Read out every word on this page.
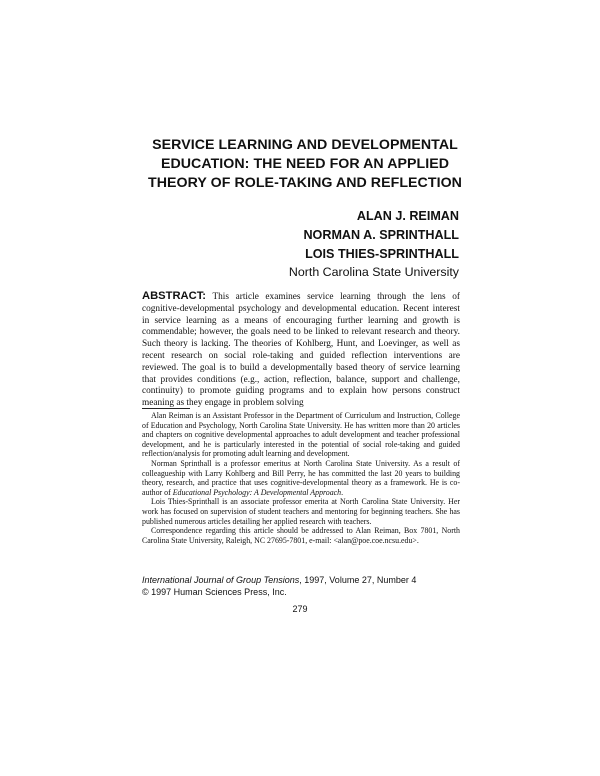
SERVICE LEARNING AND DEVELOPMENTAL
EDUCATION: THE NEED FOR AN APPLIED
THEORY OF ROLE-TAKING AND REFLECTION
ALAN J. REIMAN
NORMAN A. SPRINTHALL
LOIS THIES-SPRINTHALL
North Carolina State University
ABSTRACT: This article examines service learning through the lens of cognitive-developmental psychology and developmental education. Recent interest in service learning as a means of encouraging further learning and growth is commendable; however, the goals need to be linked to relevant research and theory. Such theory is lacking. The theories of Kohlberg, Hunt, and Loevinger, as well as recent research on social role-taking and guided reflection interventions are reviewed. The goal is to build a developmentally based theory of service learning that provides conditions (e.g., action, reflection, balance, support and challenge, continuity) to promote guiding programs and to explain how persons construct meaning as they engage in problem solving

Alan Reiman is an Assistant Professor in the Department of Curriculum and Instruction, College of Education and Psychology, North Carolina State University. He has written more than 20 articles and chapters on cognitive developmental approaches to adult development and teacher professional development, and he is particularly interested in the potential of social role-taking and guided reflection/analysis for promoting adult learning and development.

Norman Sprinthall is a professor emeritus at North Carolina State University. As a result of colleagueship with Larry Kohlberg and Bill Perry, he has committed the last 20 years to building theory, research, and practice that uses cognitive-developmental theory as a framework. He is co-author of Educational Psychology: A Developmental Approach.

Lois Thies-Sprinthall is an associate professor emerita at North Carolina State University. Her work has focused on supervision of student teachers and mentoring for beginning teachers. She has published numerous articles detailing her applied research with teachers.

Correspondence regarding this article should be addressed to Alan Reiman, Box 7801, North Carolina State University, Raleigh, NC 27695-7801, e-mail: <alan@poe.coe.ncsu.edu>.

International Journal of Group Tensions, 1997, Volume 27, Number 4
© 1997 Human Sciences Press, Inc.
279
